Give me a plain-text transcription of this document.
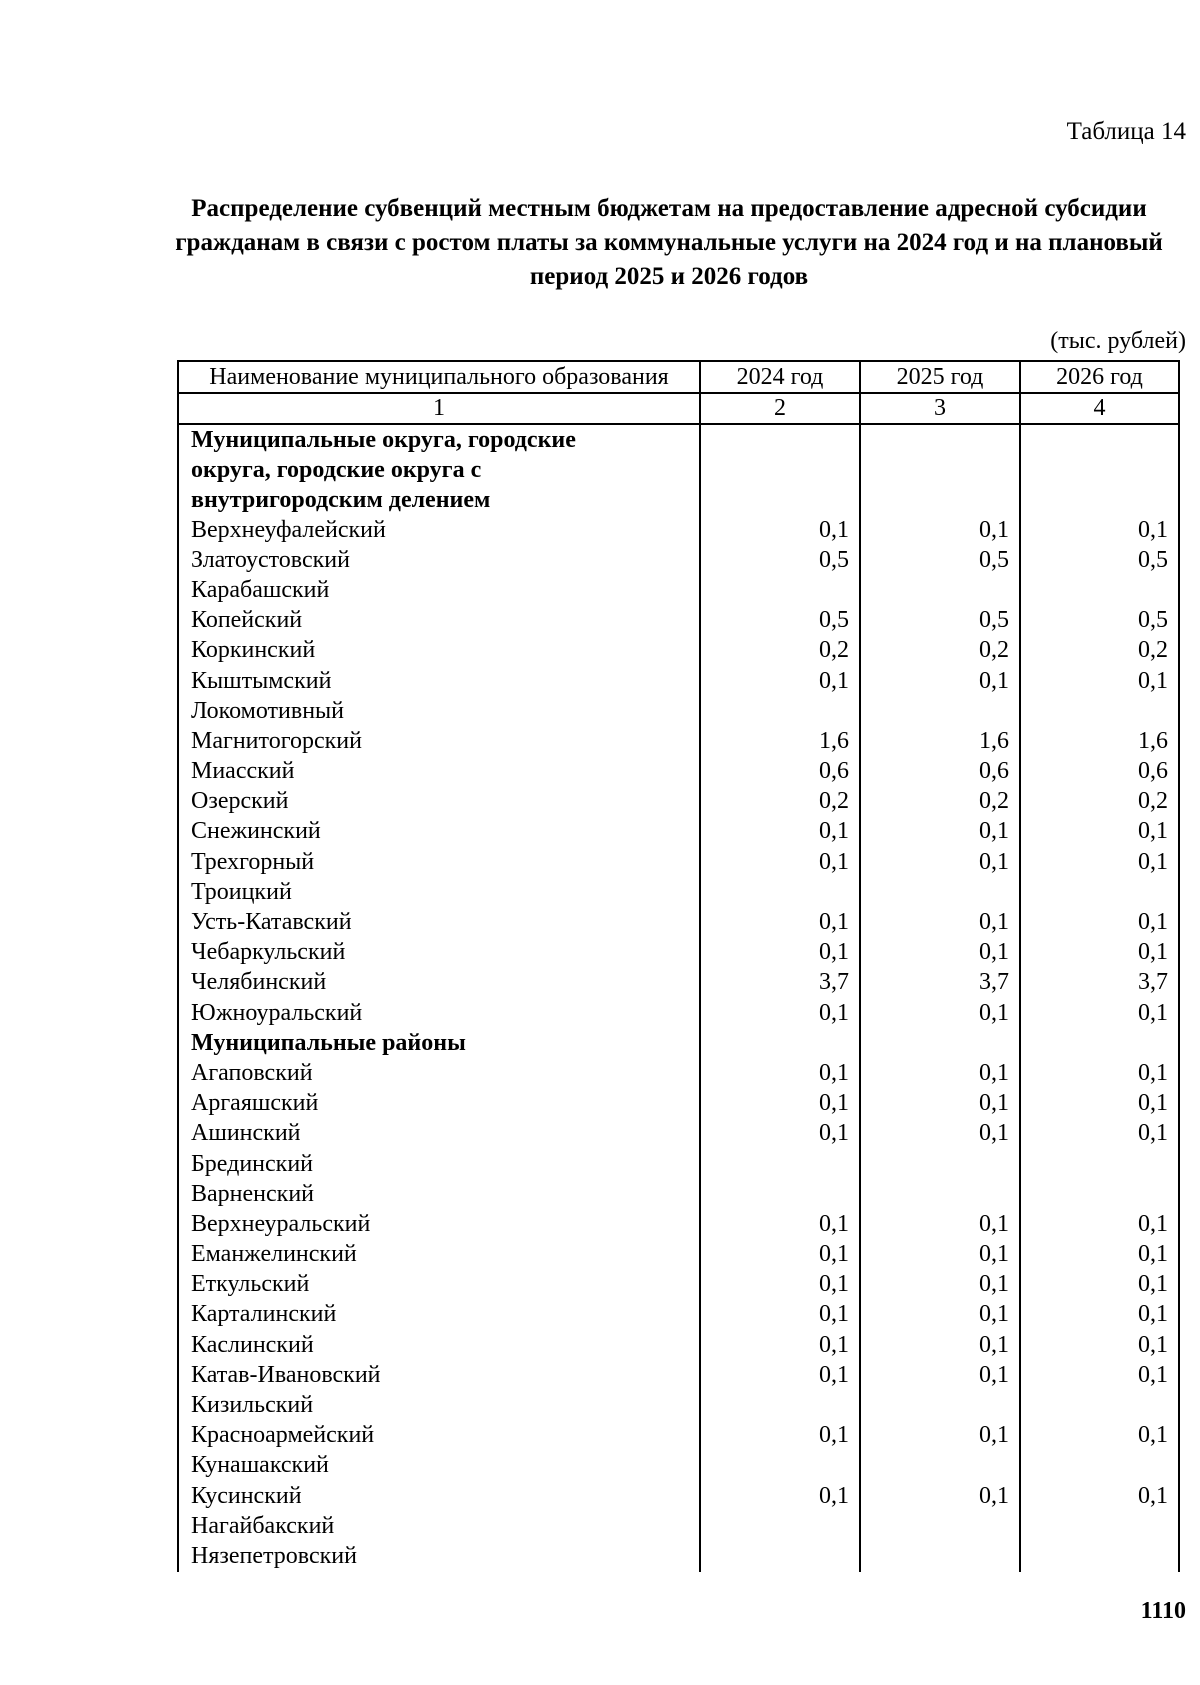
Таблица 14
Распределение субвенций местным бюджетам на предоставление адресной субсидии гражданам в связи с ростом платы за коммунальные услуги на 2024 год и на плановый период 2025 и 2026 годов
(тыс. рублей)
Наименование муниципального образования	2024 год	2025 год	2026 год
1	2	3	4
Муниципальные округа, городские округа, городские округа с внутригородским делением			
Верхнеуфалейский	0,1	0,1	0,1
Златоустовский	0,5	0,5	0,5
Карабашский			
Копейский	0,5	0,5	0,5
Коркинский	0,2	0,2	0,2
Кыштымский	0,1	0,1	0,1
Локомотивный			
Магнитогорский	1,6	1,6	1,6
Миасский	0,6	0,6	0,6
Озерский	0,2	0,2	0,2
Снежинский	0,1	0,1	0,1
Трехгорный	0,1	0,1	0,1
Троицкий			
Усть-Катавский	0,1	0,1	0,1
Чебаркульский	0,1	0,1	0,1
Челябинский	3,7	3,7	3,7
Южноуральский	0,1	0,1	0,1
Муниципальные районы			
Агаповский	0,1	0,1	0,1
Аргаяшский	0,1	0,1	0,1
Ашинский	0,1	0,1	0,1
Брединский			
Варненский			
Верхнеуральский	0,1	0,1	0,1
Еманжелинский	0,1	0,1	0,1
Еткульский	0,1	0,1	0,1
Карталинский	0,1	0,1	0,1
Каслинский	0,1	0,1	0,1
Катав-Ивановский	0,1	0,1	0,1
Кизильский			
Красноармейский	0,1	0,1	0,1
Кунашакский			
Кусинский	0,1	0,1	0,1
Нагайбакский			
Нязепетровский			
1110
